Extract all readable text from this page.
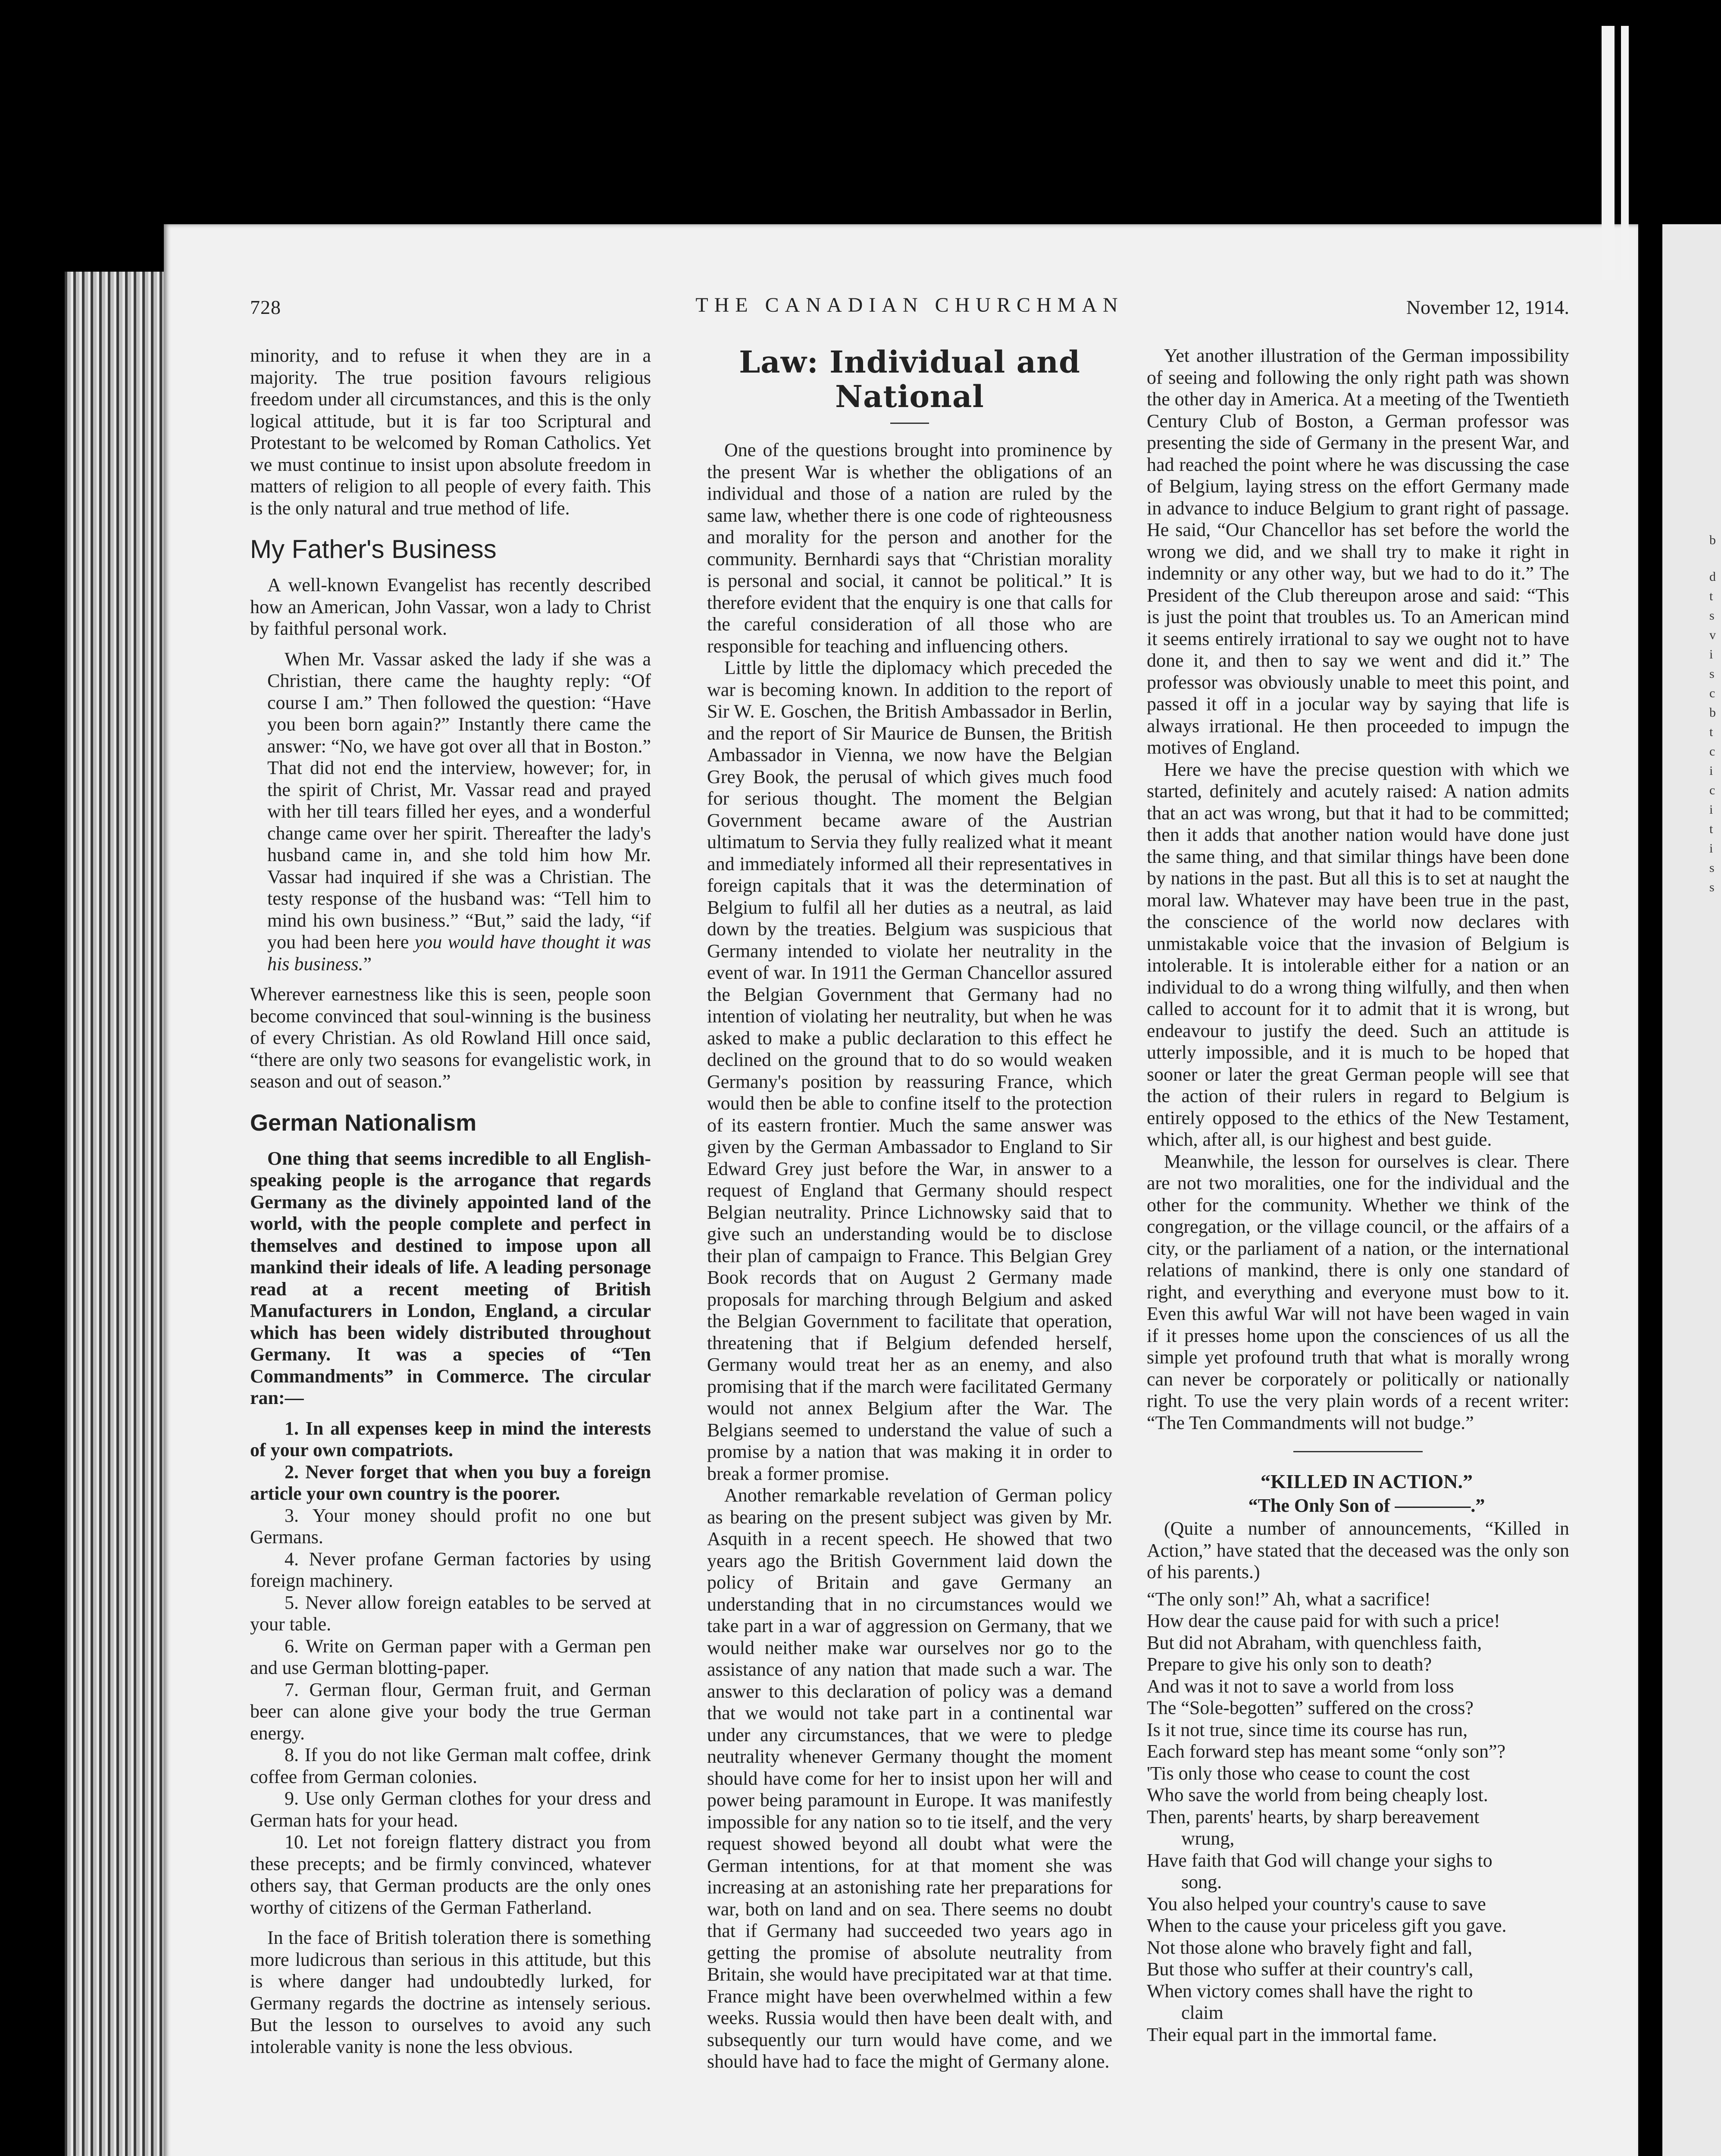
b
d
t
s
v
i
s
c
b
t
c
i
c
i
t
i
s
s
728	THE CANADIAN CHURCHMAN	November 12, 1914.

minority, and to refuse it when they are in a majority. The true position favours religious freedom under all circumstances, and this is the only logical attitude, but it is far too Scriptural and Protestant to be welcomed by Roman Catholics. Yet we must continue to insist upon absolute freedom in matters of religion to all people of every faith. This is the only natural and true method of life.

My Father's Business

A well-known Evangelist has recently described how an American, John Vassar, won a lady to Christ by faithful personal work.

When Mr. Vassar asked the lady if she was a Christian, there came the haughty reply: “Of course I am.” Then followed the question: “Have you been born again?” Instantly there came the answer: “No, we have got over all that in Boston.” That did not end the interview, however; for, in the spirit of Christ, Mr. Vassar read and prayed with her till tears filled her eyes, and a wonderful change came over her spirit. Thereafter the lady's husband came in, and she told him how Mr. Vassar had inquired if she was a Christian. The testy response of the husband was: “Tell him to mind his own business.” “But,” said the lady, “if you had been here you would have thought it was his business.”

Wherever earnestness like this is seen, people soon become convinced that soul-winning is the business of every Christian. As old Rowland Hill once said, “there are only two seasons for evangelistic work, in season and out of season.”

German Nationalism

One thing that seems incredible to all English-speaking people is the arrogance that regards Germany as the divinely appointed land of the world, with the people complete and perfect in themselves and destined to impose upon all mankind their ideals of life. A leading personage read at a recent meeting of British Manufacturers in London, England, a circular which has been widely distributed throughout Germany. It was a species of “Ten Commandments” in Commerce. The circular ran:—

1. In all expenses keep in mind the interests of your own compatriots.

2. Never forget that when you buy a foreign article your own country is the poorer.

3. Your money should profit no one but Germans.

4. Never profane German factories by using foreign machinery.

5. Never allow foreign eatables to be served at your table.

6. Write on German paper with a German pen and use German blotting-paper.

7. German flour, German fruit, and German beer can alone give your body the true German energy.

8. If you do not like German malt coffee, drink coffee from German colonies.

9. Use only German clothes for your dress and German hats for your head.

10. Let not foreign flattery distract you from these precepts; and be firmly convinced, whatever others say, that German products are the only ones worthy of citizens of the German Fatherland.

In the face of British toleration there is something more ludicrous than serious in this attitude, but this is where danger had undoubtedly lurked, for Germany regards the doctrine as intensely serious. But the lesson to ourselves to avoid any such intolerable vanity is none the less obvious.

Law: Individual and National

One of the questions brought into prominence by the present War is whether the obligations of an individual and those of a nation are ruled by the same law, whether there is one code of righteousness and morality for the person and another for the community. Bernhardi says that “Christian morality is personal and social, it cannot be political.” It is therefore evident that the enquiry is one that calls for the careful consideration of all those who are responsible for teaching and influencing others.

Little by little the diplomacy which preceded the war is becoming known. In addition to the report of Sir W. E. Goschen, the British Ambassador in Berlin, and the report of Sir Maurice de Bunsen, the British Ambassador in Vienna, we now have the Belgian Grey Book, the perusal of which gives much food for serious thought. The moment the Belgian Government became aware of the Austrian ultimatum to Servia they fully realized what it meant and immediately informed all their representatives in foreign capitals that it was the determination of Belgium to fulfil all her duties as a neutral, as laid down by the treaties. Belgium was suspicious that Germany intended to violate her neutrality in the event of war. In 1911 the German Chancellor assured the Belgian Government that Germany had no intention of violating her neutrality, but when he was asked to make a public declaration to this effect he declined on the ground that to do so would weaken Germany's position by reassuring France, which would then be able to confine itself to the protection of its eastern frontier. Much the same answer was given by the German Ambassador to England to Sir Edward Grey just before the War, in answer to a request of England that Germany should respect Belgian neutrality. Prince Lichnowsky said that to give such an understanding would be to disclose their plan of campaign to France. This Belgian Grey Book records that on August 2 Germany made proposals for marching through Belgium and asked the Belgian Government to facilitate that operation, threatening that if Belgium defended herself, Germany would treat her as an enemy, and also promising that if the march were facilitated Germany would not annex Belgium after the War. The Belgians seemed to understand the value of such a promise by a nation that was making it in order to break a former promise.

Another remarkable revelation of German policy as bearing on the present subject was given by Mr. Asquith in a recent speech. He showed that two years ago the British Government laid down the policy of Britain and gave Germany an understanding that in no circumstances would we take part in a war of aggression on Germany, that we would neither make war ourselves nor go to the assistance of any nation that made such a war. The answer to this declaration of policy was a demand that we would not take part in a continental war under any circumstances, that we were to pledge neutrality whenever Germany thought the moment should have come for her to insist upon her will and power being paramount in Europe. It was manifestly impossible for any nation so to tie itself, and the very request showed beyond all doubt what were the German intentions, for at that moment she was increasing at an astonishing rate her preparations for war, both on land and on sea. There seems no doubt that if Germany had succeeded two years ago in getting the promise of absolute neutrality from Britain, she would have precipitated war at that time. France might have been overwhelmed within a few weeks. Russia would then have been dealt with, and subsequently our turn would have come, and we should have had to face the might of Germany alone.

Yet another illustration of the German impossibility of seeing and following the only right path was shown the other day in America. At a meeting of the Twentieth Century Club of Boston, a German professor was presenting the side of Germany in the present War, and had reached the point where he was discussing the case of Belgium, laying stress on the effort Germany made in advance to induce Belgium to grant right of passage. He said, “Our Chancellor has set before the world the wrong we did, and we shall try to make it right in indemnity or any other way, but we had to do it.” The President of the Club thereupon arose and said: “This is just the point that troubles us. To an American mind it seems entirely irrational to say we ought not to have done it, and then to say we went and did it.” The professor was obviously unable to meet this point, and passed it off in a jocular way by saying that life is always irrational. He then proceeded to impugn the motives of England.

Here we have the precise question with which we started, definitely and acutely raised: A nation admits that an act was wrong, but that it had to be committed; then it adds that another nation would have done just the same thing, and that similar things have been done by nations in the past. But all this is to set at naught the moral law. Whatever may have been true in the past, the conscience of the world now declares with unmistakable voice that the invasion of Belgium is intolerable. It is intolerable either for a nation or an individual to do a wrong thing wilfully, and then when called to account for it to admit that it is wrong, but endeavour to justify the deed. Such an attitude is utterly impossible, and it is much to be hoped that sooner or later the great German people will see that the action of their rulers in regard to Belgium is entirely opposed to the ethics of the New Testament, which, after all, is our highest and best guide.

Meanwhile, the lesson for ourselves is clear. There are not two moralities, one for the individual and the other for the community. Whether we think of the congregation, or the village council, or the affairs of a city, or the parliament of a nation, or the international relations of mankind, there is only one standard of right, and everything and everyone must bow to it. Even this awful War will not have been waged in vain if it presses home upon the consciences of us all the simple yet profound truth that what is morally wrong can never be corporately or politically or nationally right. To use the very plain words of a recent writer: “The Ten Commandments will not budge.”

“KILLED IN ACTION.”

“The Only Son of ————.”

(Quite a number of announcements, “Killed in Action,” have stated that the deceased was the only son of his parents.)

“The only son!” Ah, what a sacrifice!
How dear the cause paid for with such a price!
But did not Abraham, with quenchless faith,
Prepare to give his only son to death?
And was it not to save a world from loss
The “Sole-begotten” suffered on the cross?
Is it not true, since time its course has run,
Each forward step has meant some “only son”?
'Tis only those who cease to count the cost
Who save the world from being cheaply lost.
Then, parents' hearts, by sharp bereavement
wrung,
Have faith that God will change your sighs to
song.
You also helped your country's cause to save
When to the cause your priceless gift you gave.
Not those alone who bravely fight and fall,
But those who suffer at their country's call,
When victory comes shall have the right to
claim
Their equal part in the immortal fame.
